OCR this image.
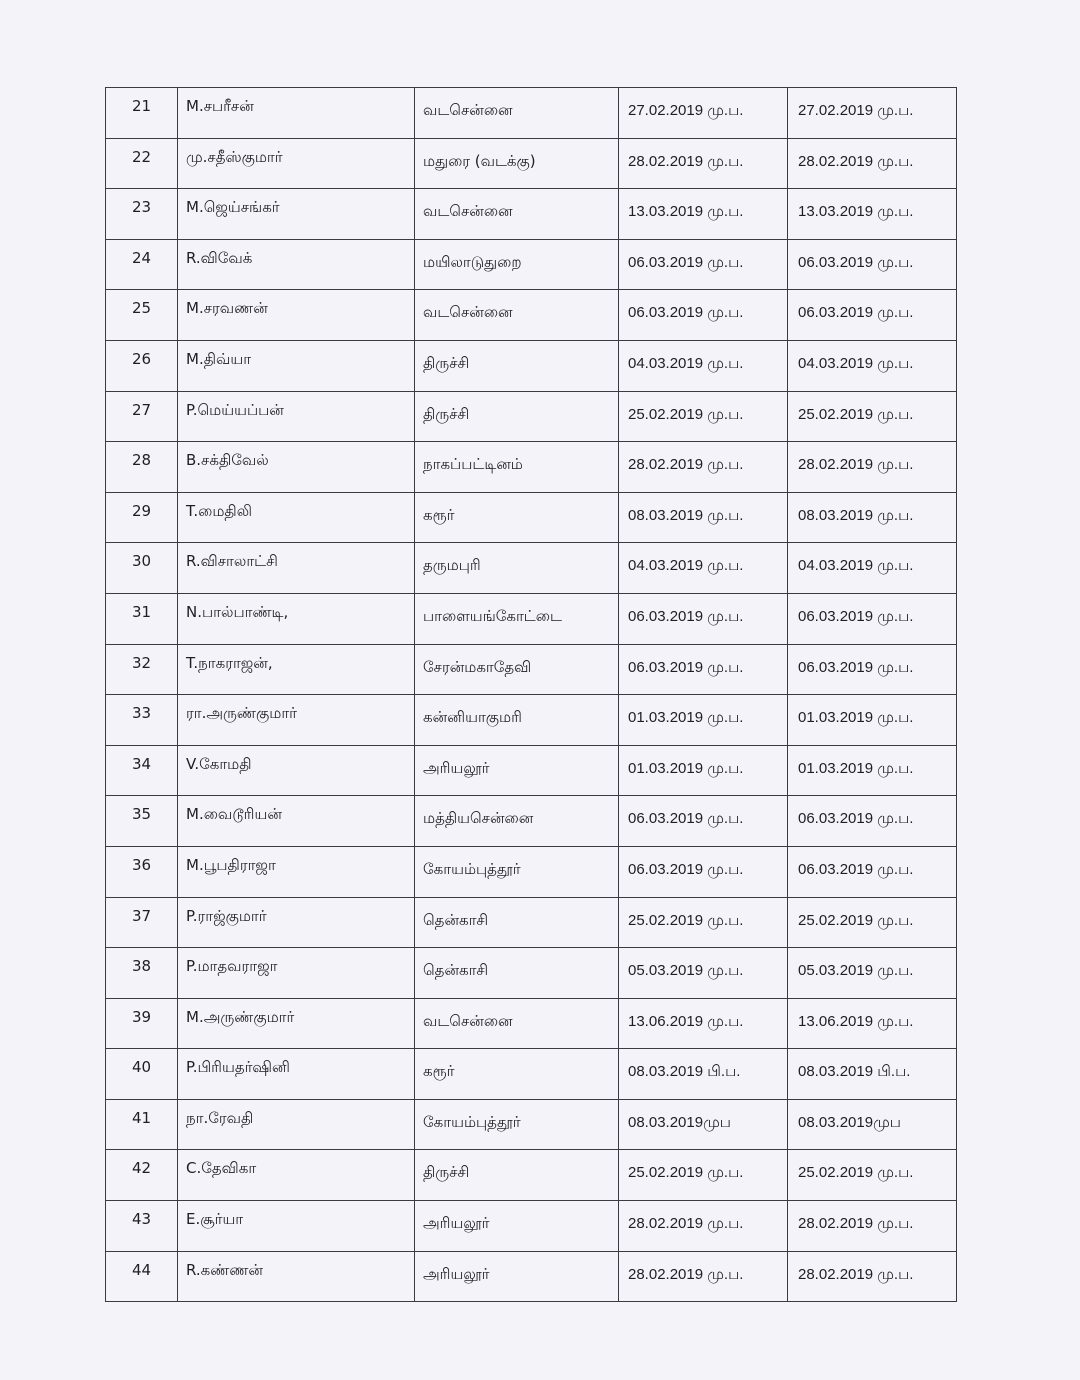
21	M.சபரீசன்	வடசென்னை	27.02.2019 மு.ப.	27.02.2019 மு.ப.
22	மு.சதீஸ்குமார்	மதுரை (வடக்கு)	28.02.2019 மு.ப.	28.02.2019 மு.ப.
23	M.ஜெய்சங்கர்	வடசென்னை	13.03.2019 மு.ப.	13.03.2019 மு.ப.
24	R.விவேக்	மயிலாடுதுறை	06.03.2019 மு.ப.	06.03.2019 மு.ப.
25	M.சரவணன்	வடசென்னை	06.03.2019 மு.ப.	06.03.2019 மு.ப.
26	M.திவ்யா	திருச்சி	04.03.2019 மு.ப.	04.03.2019 மு.ப.
27	P.மெய்யப்பன்	திருச்சி	25.02.2019 மு.ப.	25.02.2019 மு.ப.
28	B.சக்திவேல்	நாகப்பட்டினம்	28.02.2019 மு.ப.	28.02.2019 மு.ப.
29	T.மைதிலி	கரூர்	08.03.2019 மு.ப.	08.03.2019 மு.ப.
30	R.விசாலாட்சி	தருமபுரி	04.03.2019 மு.ப.	04.03.2019 மு.ப.
31	N.பால்பாண்டி,	பாளையங்கோட்டை	06.03.2019 மு.ப.	06.03.2019 மு.ப.
32	T.நாகராஜன்,	சேரன்மகாதேவி	06.03.2019 மு.ப.	06.03.2019 மு.ப.
33	ரா.அருண்குமார்	கன்னியாகுமரி	01.03.2019 மு.ப.	01.03.2019 மு.ப.
34	V.கோமதி	அரியலூர்	01.03.2019 மு.ப.	01.03.2019 மு.ப.
35	M.வைடூரியன்	மத்தியசென்னை	06.03.2019 மு.ப.	06.03.2019 மு.ப.
36	M.பூபதிராஜா	கோயம்புத்தூர்	06.03.2019 மு.ப.	06.03.2019 மு.ப.
37	P.ராஜ்குமார்	தென்காசி	25.02.2019 மு.ப.	25.02.2019 மு.ப.
38	P.மாதவராஜா	தென்காசி	05.03.2019 மு.ப.	05.03.2019 மு.ப.
39	M.அருண்குமார்	வடசென்னை	13.06.2019 மு.ப.	13.06.2019 மு.ப.
40	P.பிரியதர்ஷினி	கரூர்	08.03.2019 பி.ப.	08.03.2019 பி.ப.
41	நா.ரேவதி	கோயம்புத்தூர்	08.03.2019முப	08.03.2019முப
42	C.தேவிகா	திருச்சி	25.02.2019 மு.ப.	25.02.2019 மு.ப.
43	E.சூர்யா	அரியலூர்	28.02.2019 மு.ப.	28.02.2019 மு.ப.
44	R.கண்ணன்	அரியலூர்	28.02.2019 மு.ப.	28.02.2019 மு.ப.
